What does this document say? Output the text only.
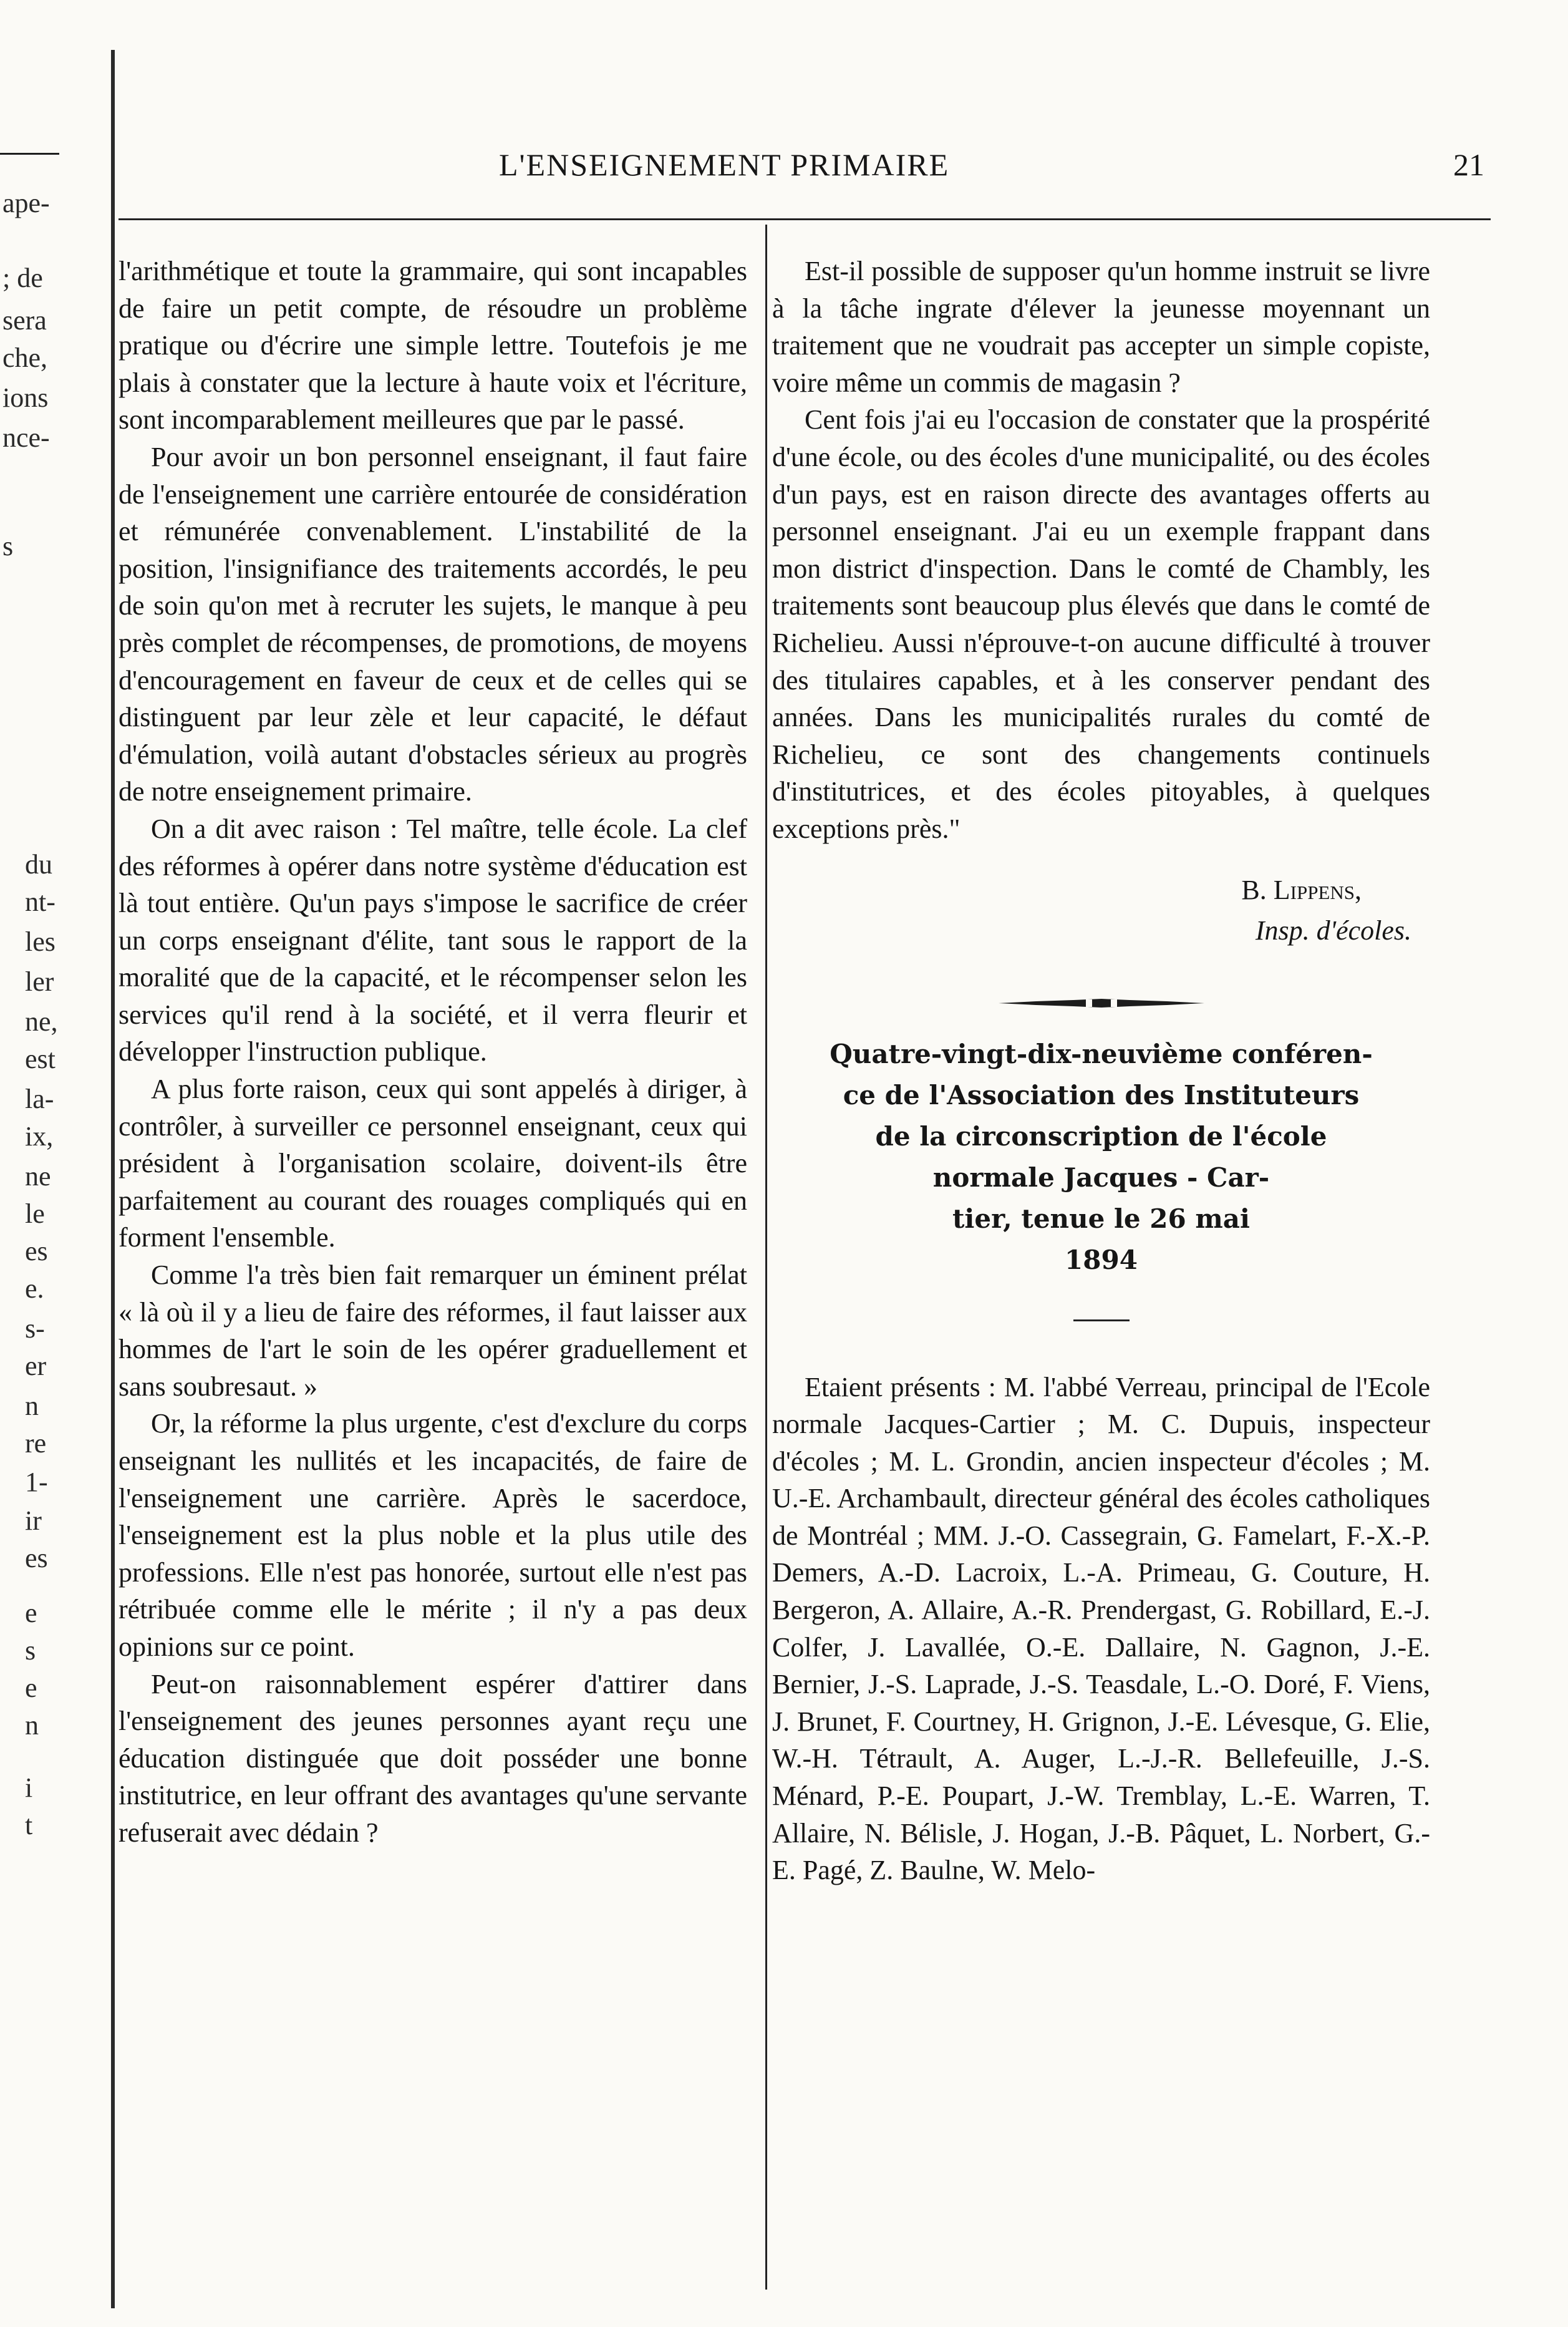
ape-
; de
sera
che,
ions
nce-
s
du
nt-
les
ler
ne,
est
la-
ix,
ne
le
es
e.
s-
er
n
re
1-
ir
es
e
s
e
n
i
t
L'ENSEIGNEMENT PRIMAIRE	21

l'arithmétique et toute la grammaire, qui sont incapables de faire un petit compte, de résoudre un problème pratique ou d'écrire une simple lettre. Toutefois je me plais à constater que la lecture à haute voix et l'écriture, sont incomparablement meilleures que par le passé.

Pour avoir un bon personnel enseignant, il faut faire de l'enseignement une carrière entourée de considération et rémunérée convenablement. L'instabilité de la position, l'insignifiance des traitements accordés, le peu de soin qu'on met à recruter les sujets, le manque à peu près complet de récompenses, de promotions, de moyens d'encouragement en faveur de ceux et de celles qui se distinguent par leur zèle et leur capacité, le défaut d'émulation, voilà autant d'obstacles sérieux au progrès de notre enseignement primaire.

On a dit avec raison : Tel maître, telle école. La clef des réformes à opérer dans notre système d'éducation est là tout entière. Qu'un pays s'impose le sacrifice de créer un corps enseignant d'élite, tant sous le rapport de la moralité que de la capacité, et le récompenser selon les services qu'il rend à la société, et il verra fleurir et développer l'instruction publique.

A plus forte raison, ceux qui sont appelés à diriger, à contrôler, à surveiller ce personnel enseignant, ceux qui président à l'organisation scolaire, doivent-ils être parfaitement au courant des rouages compliqués qui en forment l'ensemble.

Comme l'a très bien fait remarquer un éminent prélat « là où il y a lieu de faire des réformes, il faut laisser aux hommes de l'art le soin de les opérer graduellement et sans soubresaut. »

Or, la réforme la plus urgente, c'est d'exclure du corps enseignant les nullités et les incapacités, de faire de l'enseignement une carrière. Après le sacerdoce, l'enseignement est la plus noble et la plus utile des professions. Elle n'est pas honorée, surtout elle n'est pas rétribuée comme elle le mérite ; il n'y a pas deux opinions sur ce point.

Peut-on raisonnablement espérer d'attirer dans l'enseignement des jeunes personnes ayant reçu une éducation distinguée que doit posséder une bonne institutrice, en leur offrant des avantages qu'une servante refuserait avec dédain ?

Est-il possible de supposer qu'un homme instruit se livre à la tâche ingrate d'élever la jeunesse moyennant un traitement que ne voudrait pas accepter un simple copiste, voire même un commis de magasin ?

Cent fois j'ai eu l'occasion de constater que la prospérité d'une école, ou des écoles d'une municipalité, ou des écoles d'un pays, est en raison directe des avantages offerts au personnel enseignant. J'ai eu un exemple frappant dans mon district d'inspection. Dans le comté de Chambly, les traitements sont beaucoup plus élevés que dans le comté de Richelieu. Aussi n'éprouve-t-on aucune difficulté à trouver des titulaires capables, et à les conserver pendant des années. Dans les municipalités rurales du comté de Richelieu, ce sont des changements continuels d'institutrices, et des écoles pitoyables, à quelques exceptions près."

B. Lippens,
Insp. d'écoles.
Quatre-vingt-dix-neuvième conféren-
ce de l'Association des Instituteurs
de la circonscription de l'école
normale Jacques - Car-
tier, tenue le 26 mai
1894

Etaient présents : M. l'abbé Verreau, principal de l'Ecole normale Jacques-Cartier ; M. C. Dupuis, inspecteur d'écoles ; M. L. Grondin, ancien inspecteur d'écoles ; M. U.-E. Archambault, directeur général des écoles catholiques de Montréal ; MM. J.-O. Cassegrain, G. Famelart, F.-X.-P. Demers, A.-D. Lacroix, L.-A. Primeau, G. Couture, H. Bergeron, A. Allaire, A.-R. Prendergast, G. Robillard, E.-J. Colfer, J. Lavallée, O.-E. Dallaire, N. Gagnon, J.-E. Bernier, J.-S. Laprade, J.-S. Teasdale, L.-O. Doré, F. Viens, J. Brunet, F. Courtney, H. Grignon, J.-E. Lévesque, G. Elie, W.-H. Tétrault, A. Auger, L.-J.-R. Bellefeuille, J.-S. Ménard, P.-E. Poupart, J.-W. Tremblay, L.-E. Warren, T. Allaire, N. Bélisle, J. Hogan, J.-B. Pâquet, L. Norbert, G.-E. Pagé, Z. Baulne, W. Melo-
